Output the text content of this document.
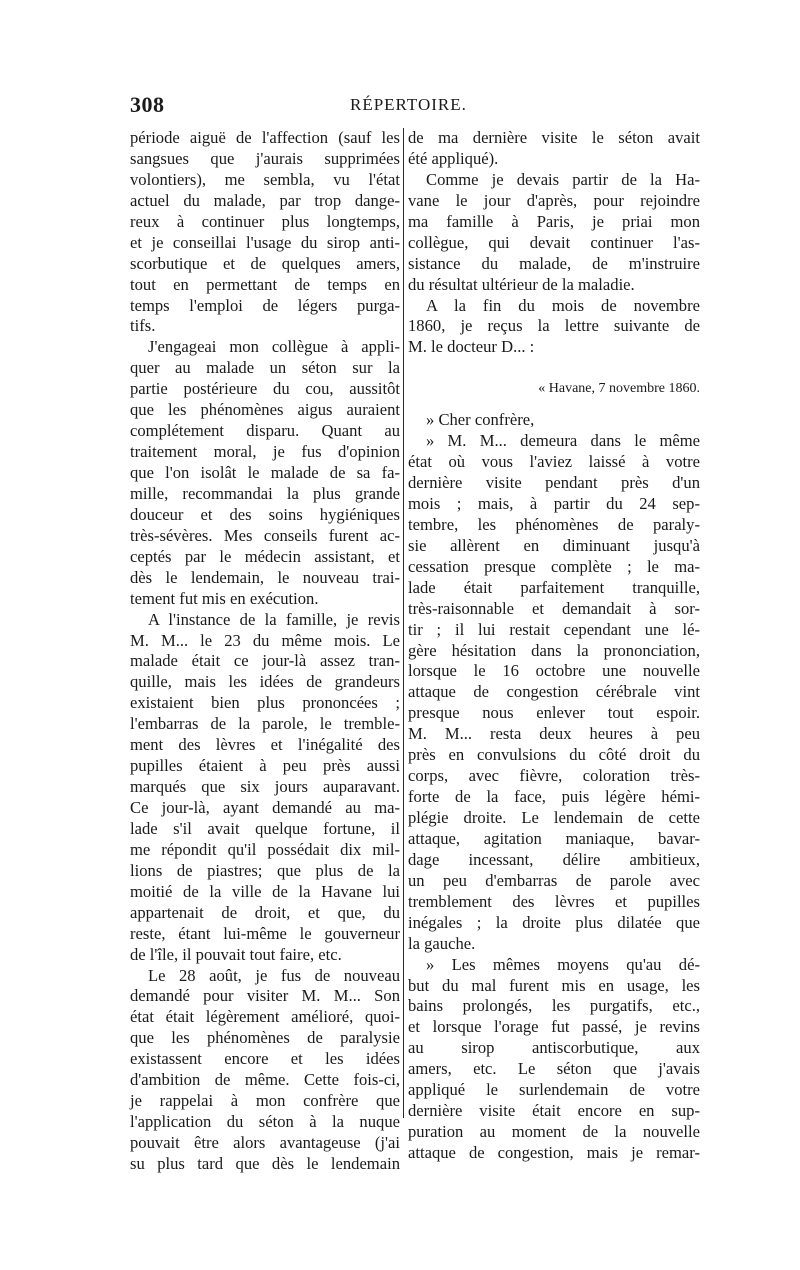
308	RÉPERTOIRE.
période aiguë de l'affection (sauf les
sangsues que j'aurais supprimées
volontiers), me sembla, vu l'état
actuel du malade, par trop dange-
reux à continuer plus longtemps,
et je conseillai l'usage du sirop anti-
scorbutique et de quelques amers,
tout en permettant de temps en
temps l'emploi de légers purga-
tifs.
J'engageai mon collègue à appli-
quer au malade un séton sur la
partie postérieure du cou, aussitôt
que les phénomènes aigus auraient
complétement disparu. Quant au
traitement moral, je fus d'opinion
que l'on isolât le malade de sa fa-
mille, recommandai la plus grande
douceur et des soins hygiéniques
très-sévères. Mes conseils furent ac-
ceptés par le médecin assistant, et
dès le lendemain, le nouveau trai-
tement fut mis en exécution.
A l'instance de la famille, je revis
M. M... le 23 du même mois. Le
malade était ce jour-là assez tran-
quille, mais les idées de grandeurs
existaient bien plus prononcées ;
l'embarras de la parole, le tremble-
ment des lèvres et l'inégalité des
pupilles étaient à peu près aussi
marqués que six jours auparavant.
Ce jour-là, ayant demandé au ma-
lade s'il avait quelque fortune, il
me répondit qu'il possédait dix mil-
lions de piastres; que plus de la
moitié de la ville de la Havane lui
appartenait de droit, et que, du
reste, étant lui-même le gouverneur
de l'île, il pouvait tout faire, etc.
Le 28 août, je fus de nouveau
demandé pour visiter M. M... Son
état était légèrement amélioré, quoi-
que les phénomènes de paralysie
existassent encore et les idées
d'ambition de même. Cette fois-ci,
je rappelai à mon confrère que
l'application du séton à la nuque
pouvait être alors avantageuse (j'ai
su plus tard que dès le lendemain
de ma dernière visite le séton avait
été appliqué).
Comme je devais partir de la Ha-
vane le jour d'après, pour rejoindre
ma famille à Paris, je priai mon
collègue, qui devait continuer l'as-
sistance du malade, de m'instruire
du résultat ultérieur de la maladie.
A la fin du mois de novembre
1860, je reçus la lettre suivante de
M. le docteur D... :
« Havane, 7 novembre 1860.
» Cher confrère,
» M. M... demeura dans le même
état où vous l'aviez laissé à votre
dernière visite pendant près d'un
mois ; mais, à partir du 24 sep-
tembre, les phénomènes de paraly-
sie allèrent en diminuant jusqu'à
cessation presque complète ; le ma-
lade était parfaitement tranquille,
très-raisonnable et demandait à sor-
tir ; il lui restait cependant une lé-
gère hésitation dans la prononciation,
lorsque le 16 octobre une nouvelle
attaque de congestion cérébrale vint
presque nous enlever tout espoir.
M. M... resta deux heures à peu
près en convulsions du côté droit du
corps, avec fièvre, coloration très-
forte de la face, puis légère hémi-
plégie droite. Le lendemain de cette
attaque, agitation maniaque, bavar-
dage incessant, délire ambitieux,
un peu d'embarras de parole avec
tremblement des lèvres et pupilles
inégales ; la droite plus dilatée que
la gauche.
» Les mêmes moyens qu'au dé-
but du mal furent mis en usage, les
bains prolongés, les purgatifs, etc.,
et lorsque l'orage fut passé, je revins
au sirop antiscorbutique, aux
amers, etc. Le séton que j'avais
appliqué le surlendemain de votre
dernière visite était encore en sup-
puration au moment de la nouvelle
attaque de congestion, mais je remar-
